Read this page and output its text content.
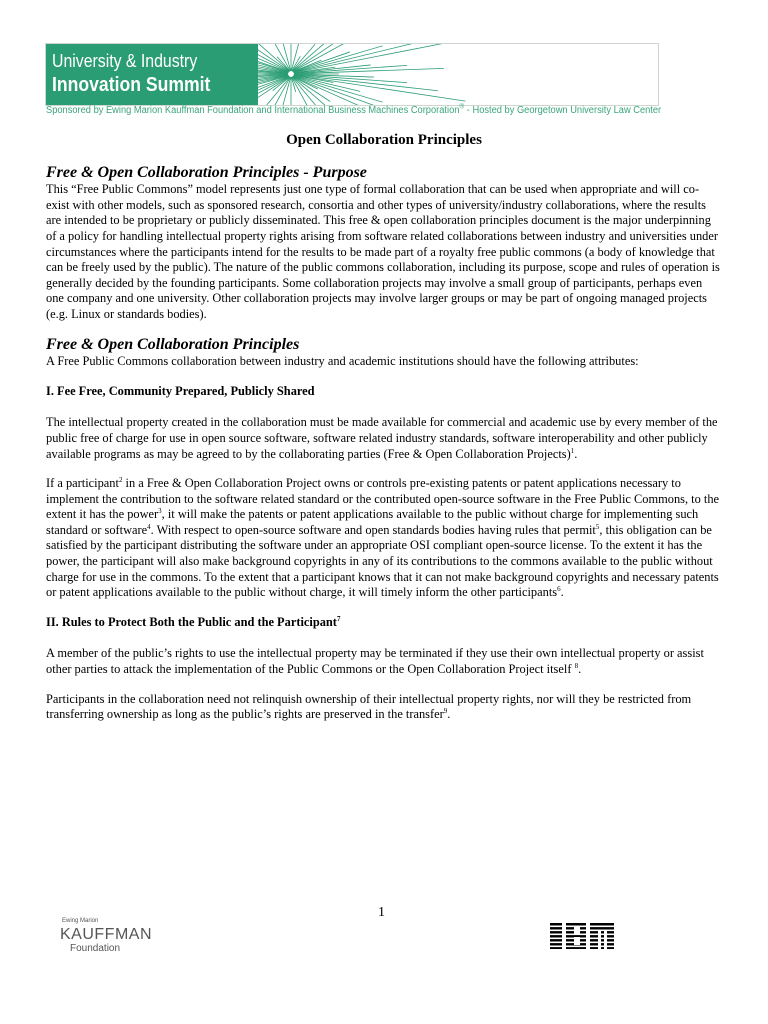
University & Industry
Innovation Summit
Sponsored by Ewing Marion Kauffman Foundation and International Business Machines Corporation® - Hosted by Georgetown University Law Center
Open Collaboration Principles
Free & Open Collaboration Principles - Purpose

This “Free Public Commons” model represents just one type of formal collaboration that can be used when appropriate and will co-exist with other models, such as sponsored research, consortia and other types of university/industry collaborations, where the results are intended to be proprietary or publicly disseminated. This free & open collaboration principles document is the major underpinning of a policy for handling intellectual property rights arising from software related collaborations between industry and universities under circumstances where the participants intend for the results to be made part of a royalty free public commons (a body of knowledge that can be freely used by the public). The nature of the public commons collaboration, including its purpose, scope and rules of operation is generally decided by the founding participants. Some collaboration projects may involve a small group of participants, perhaps even one company and one university. Other collaboration projects may involve larger groups or may be part of ongoing managed projects (e.g. Linux or standards bodies).

Free & Open Collaboration Principles

A Free Public Commons collaboration between industry and academic institutions should have the following attributes:

I. Fee Free, Community Prepared, Publicly Shared

The intellectual property created in the collaboration must be made available for commercial and academic use by every member of the public free of charge for use in open source software, software related industry standards, software interoperability and other publicly available programs as may be agreed to by the collaborating parties (Free & Open Collaboration Projects)$^1$.

If a participant$^2$ in a Free & Open Collaboration Project owns or controls pre-existing patents or patent applications necessary to implement the contribution to the software related standard or the contributed open-source software in the Free Public Commons, to the extent it has the power$^3$, it will make the patents or patent applications available to the public without charge for implementing such standard or software$^4$. With respect to open-source software and open standards bodies having rules that permit$^5$, this obligation can be satisfied by the participant distributing the software under an appropriate OSI compliant open-source license. To the extent it has the power, the participant will also make background copyrights in any of its contributions to the commons available to the public without charge for use in the commons. To the extent that a participant knows that it can not make background copyrights and necessary patents or patent applications available to the public without charge, it will timely inform the other participants$^6$.

II. Rules to Protect Both the Public and the Participant$^7$

A member of the public’s rights to use the intellectual property may be terminated if they use their own intellectual property or assist other parties to attack the implementation of the Public Commons or the Open Collaboration Project itself $^8$.

Participants in the collaboration need not relinquish ownership of their intellectual property rights, nor will they be restricted from transferring ownership as long as the public’s rights are preserved in the transfer$^9$.

1
Ewing Marion
KAUFFMAN
Foundation
